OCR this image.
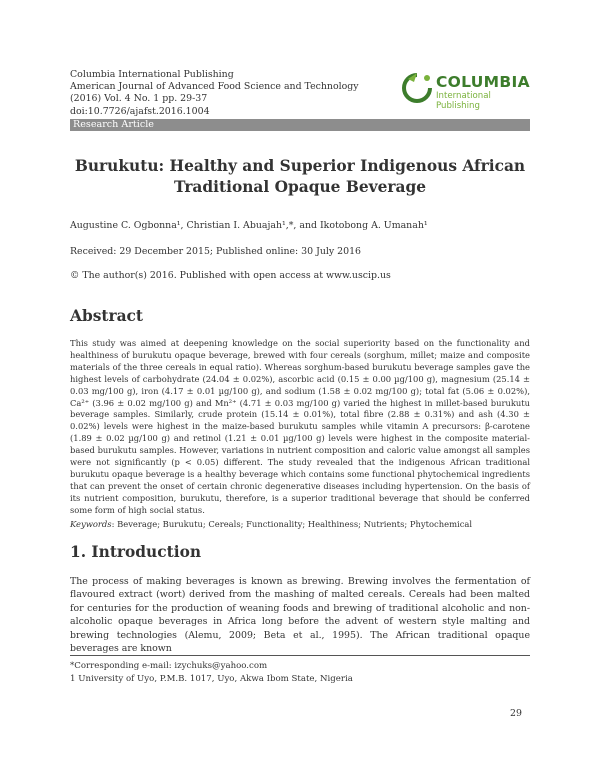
Columbia International Publishing
American Journal of Advanced Food Science and Technology
(2016) Vol. 4 No. 1 pp. 29-37
doi:10.7726/ajafst.2016.1004
COLUMBIA
International Publishing
Research Article
Burukutu: Healthy and Superior Indigenous African Traditional Opaque Beverage
Augustine C. Ogbonna¹, Christian I. Abuajah¹,*, and Ikotobong A. Umanah¹
Received: 29 December 2015; Published online: 30 July 2016
© The author(s) 2016. Published with open access at www.uscip.us
Abstract
This study was aimed at deepening knowledge on the social superiority based on the functionality and healthiness of burukutu opaque beverage, brewed with four cereals (sorghum, millet; maize and composite materials of the three cereals in equal ratio). Whereas sorghum-based burukutu beverage samples gave the highest levels of carbohydrate (24.04 ± 0.02%), ascorbic acid (0.15 ± 0.00 µg/100 g), magnesium (25.14 ± 0.03 mg/100 g), iron (4.17 ± 0.01 µg/100 g), and sodium (1.58 ± 0.02 mg/100 g); total fat (5.06 ± 0.02%), Ca²⁺ (3.96 ± 0.02 mg/100 g) and Mn²⁺ (4.71 ± 0.03 mg/100 g) varied the highest in millet-based burukutu beverage samples. Similarly, crude protein (15.14 ± 0.01%), total fibre (2.88 ± 0.31%) and ash (4.30 ± 0.02%) levels were highest in the maize-based burukutu samples while vitamin A precursors: β-carotene (1.89 ± 0.02 µg/100 g) and retinol (1.21 ± 0.01 µg/100 g) levels were highest in the composite material-based burukutu samples. However, variations in nutrient composition and caloric value amongst all samples were not significantly (p < 0.05) different. The study revealed that the indigenous African traditional burukutu opaque beverage is a healthy beverage which contains some functional phytochemical ingredients that can prevent the onset of certain chronic degenerative diseases including hypertension. On the basis of its nutrient composition, burukutu, therefore, is a superior traditional beverage that should be conferred some form of high social status.
Keywords: Beverage; Burukutu; Cereals; Functionality; Healthiness; Nutrients; Phytochemical
1. Introduction
The process of making beverages is known as brewing. Brewing involves the fermentation of flavoured extract (wort) derived from the mashing of malted cereals. Cereals had been malted for centuries for the production of weaning foods and brewing of traditional alcoholic and non-alcoholic opaque beverages in Africa long before the advent of western style malting and brewing technologies (Alemu, 2009; Beta et al., 1995). The African traditional opaque beverages are known
*Corresponding e-mail: izychuks@yahoo.com
1 University of Uyo, P.M.B. 1017, Uyo, Akwa Ibom State, Nigeria
29
